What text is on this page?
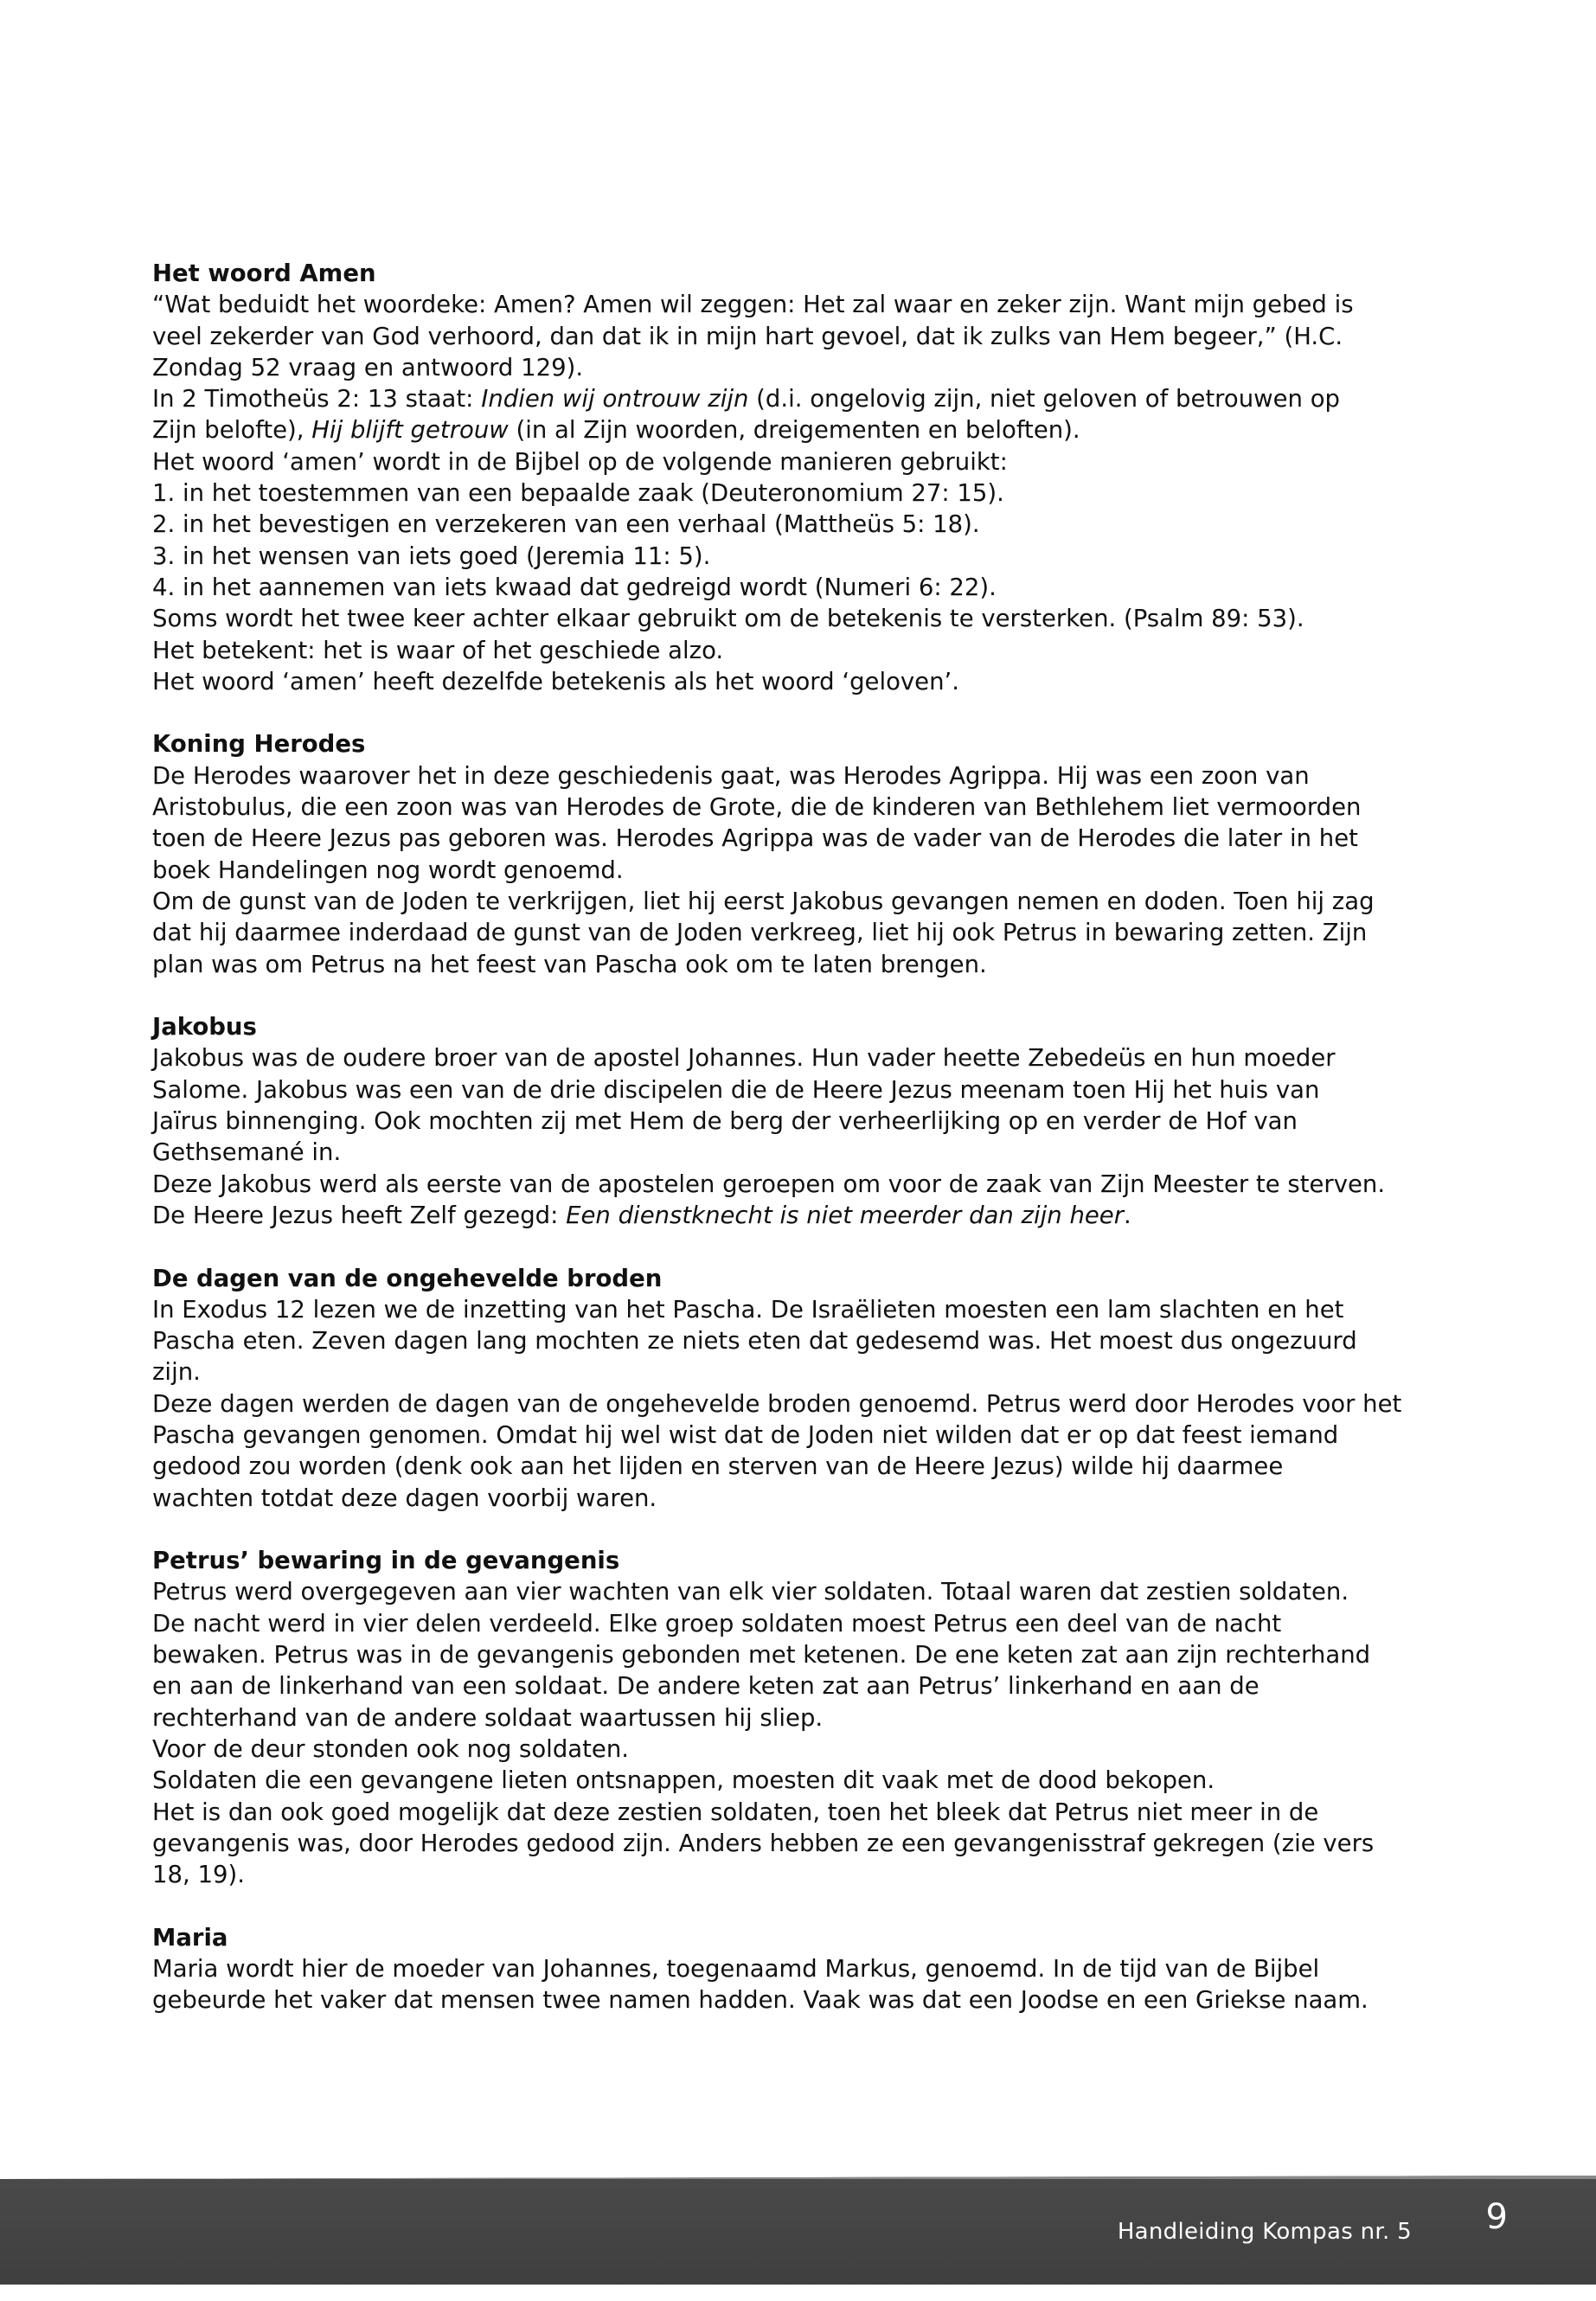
Het woord Amen

“Wat beduidt het woordeke: Amen? Amen wil zeggen: Het zal waar en zeker zijn. Want mijn gebed is

veel zekerder van God verhoord, dan dat ik in mijn hart gevoel, dat ik zulks van Hem begeer,” (H.C.

Zondag 52 vraag en antwoord 129).

In 2 Timotheüs 2: 13 staat: Indien wij ontrouw zijn (d.i. ongelovig zijn, niet geloven of betrouwen op

Zijn belofte), Hij blijft getrouw (in al Zijn woorden, dreigementen en beloften).

Het woord ‘amen’ wordt in de Bijbel op de volgende manieren gebruikt:

1. in het toestemmen van een bepaalde zaak (Deuteronomium 27: 15).

2. in het bevestigen en verzekeren van een verhaal (Mattheüs 5: 18).

3. in het wensen van iets goed (Jeremia 11: 5).

4. in het aannemen van iets kwaad dat gedreigd wordt (Numeri 6: 22).

Soms wordt het twee keer achter elkaar gebruikt om de betekenis te versterken. (Psalm 89: 53).

Het betekent: het is waar of het geschiede alzo.

Het woord ‘amen’ heeft dezelfde betekenis als het woord ‘geloven’.

Koning Herodes

De Herodes waarover het in deze geschiedenis gaat, was Herodes Agrippa. Hij was een zoon van

Aristobulus, die een zoon was van Herodes de Grote, die de kinderen van Bethlehem liet vermoorden

toen de Heere Jezus pas geboren was. Herodes Agrippa was de vader van de Herodes die later in het

boek Handelingen nog wordt genoemd.

Om de gunst van de Joden te verkrijgen, liet hij eerst Jakobus gevangen nemen en doden. Toen hij zag

dat hij daarmee inderdaad de gunst van de Joden verkreeg, liet hij ook Petrus in bewaring zetten. Zijn

plan was om Petrus na het feest van Pascha ook om te laten brengen.

Jakobus

Jakobus was de oudere broer van de apostel Johannes. Hun vader heette Zebedeüs en hun moeder

Salome. Jakobus was een van de drie discipelen die de Heere Jezus meenam toen Hij het huis van

Jaïrus binnenging. Ook mochten zij met Hem de berg der verheerlijking op en verder de Hof van

Gethsemané in.

Deze Jakobus werd als eerste van de apostelen geroepen om voor de zaak van Zijn Meester te sterven.

De Heere Jezus heeft Zelf gezegd: Een dienstknecht is niet meerder dan zijn heer.

De dagen van de ongehevelde broden

In Exodus 12 lezen we de inzetting van het Pascha. De Israëlieten moesten een lam slachten en het

Pascha eten. Zeven dagen lang mochten ze niets eten dat gedesemd was. Het moest dus ongezuurd

zijn.

Deze dagen werden de dagen van de ongehevelde broden genoemd. Petrus werd door Herodes voor het

Pascha gevangen genomen. Omdat hij wel wist dat de Joden niet wilden dat er op dat feest iemand

gedood zou worden (denk ook aan het lijden en sterven van de Heere Jezus) wilde hij daarmee

wachten totdat deze dagen voorbij waren.

Petrus’ bewaring in de gevangenis

Petrus werd overgegeven aan vier wachten van elk vier soldaten. Totaal waren dat zestien soldaten.

De nacht werd in vier delen verdeeld. Elke groep soldaten moest Petrus een deel van de nacht

bewaken. Petrus was in de gevangenis gebonden met ketenen. De ene keten zat aan zijn rechterhand

en aan de linkerhand van een soldaat. De andere keten zat aan Petrus’ linkerhand en aan de

rechterhand van de andere soldaat waartussen hij sliep.

Voor de deur stonden ook nog soldaten.

Soldaten die een gevangene lieten ontsnappen, moesten dit vaak met de dood bekopen.

Het is dan ook goed mogelijk dat deze zestien soldaten, toen het bleek dat Petrus niet meer in de

gevangenis was, door Herodes gedood zijn. Anders hebben ze een gevangenisstraf gekregen (zie vers

18, 19).

Maria

Maria wordt hier de moeder van Johannes, toegenaamd Markus, genoemd. In de tijd van de Bijbel

gebeurde het vaker dat mensen twee namen hadden. Vaak was dat een Joodse en een Griekse naam.

Handleiding Kompas nr. 5 9
